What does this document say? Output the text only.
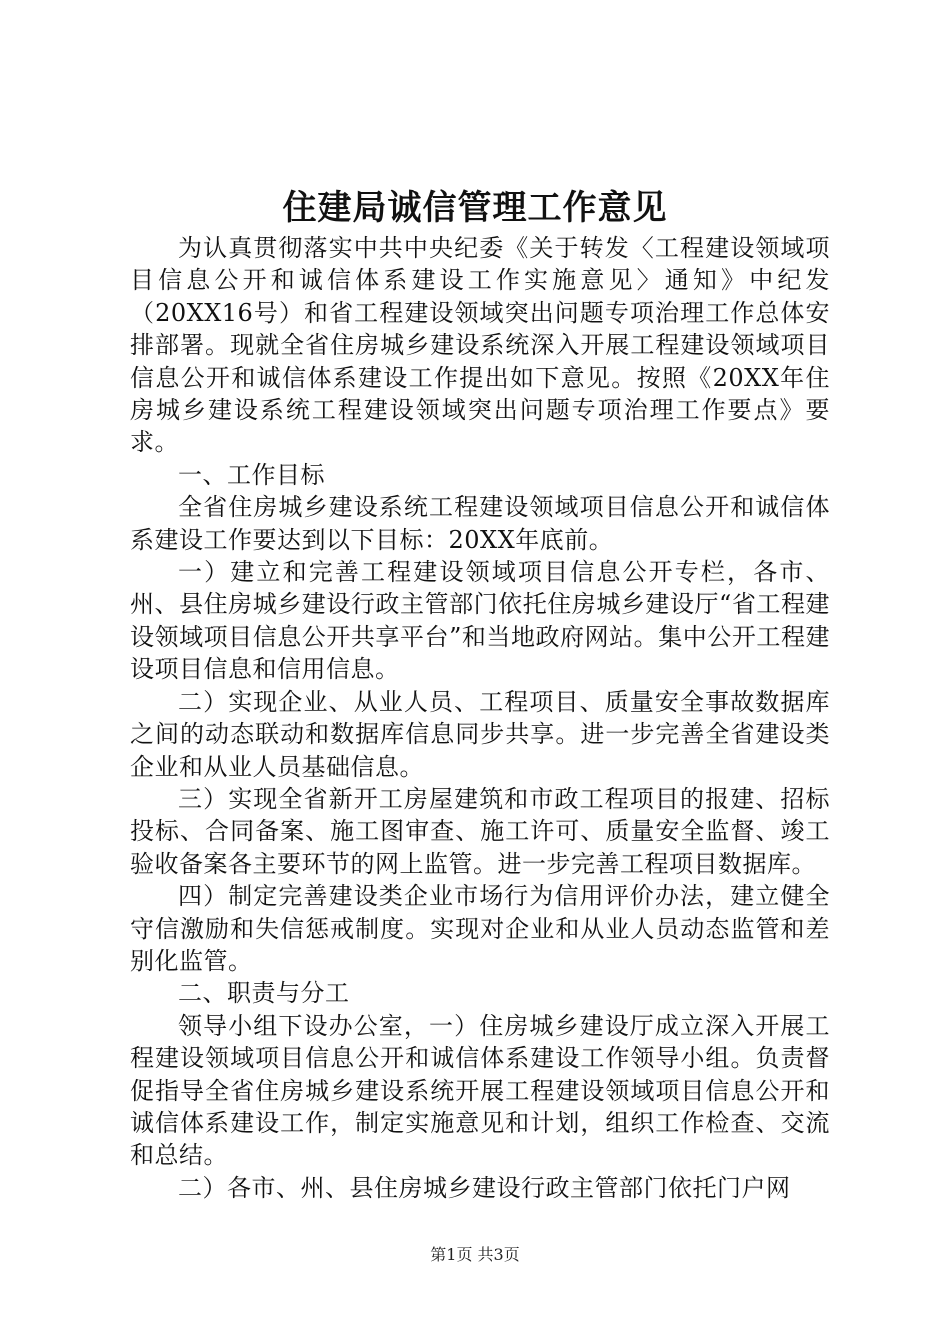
住建局诚信管理工作意见

为认真贯彻落实中共中央纪委《关于转发〈工程建设领域项目信息公开和诚信体系建设工作实施意见〉通知》中纪发（20XX16号）和省工程建设领域突出问题专项治理工作总体安排部署。现就全省住房城乡建设系统深入开展工程建设领域项目信息公开和诚信体系建设工作提出如下意见。按照《20XX年住房城乡建设系统工程建设领域突出问题专项治理工作要点》要求。

一、工作目标

全省住房城乡建设系统工程建设领域项目信息公开和诚信体系建设工作要达到以下目标：20XX年底前。

一）建立和完善工程建设领域项目信息公开专栏，各市、州、县住房城乡建设行政主管部门依托住房城乡建设厅“省工程建设领域项目信息公开共享平台”和当地政府网站。集中公开工程建设项目信息和信用信息。

二）实现企业、从业人员、工程项目、质量安全事故数据库之间的动态联动和数据库信息同步共享。进一步完善全省建设类企业和从业人员基础信息。

三）实现全省新开工房屋建筑和市政工程项目的报建、招标投标、合同备案、施工图审查、施工许可、质量安全监督、竣工验收备案各主要环节的网上监管。进一步完善工程项目数据库。

四）制定完善建设类企业市场行为信用评价办法，建立健全守信激励和失信惩戒制度。实现对企业和从业人员动态监管和差别化监管。

二、职责与分工

领导小组下设办公室，一）住房城乡建设厅成立深入开展工程建设领域项目信息公开和诚信体系建设工作领导小组。负责督促指导全省住房城乡建设系统开展工程建设领域项目信息公开和诚信体系建设工作，制定实施意见和计划，组织工作检查、交流和总结。

二）各市、州、县住房城乡建设行政主管部门依托门户网

第1页 共3页
